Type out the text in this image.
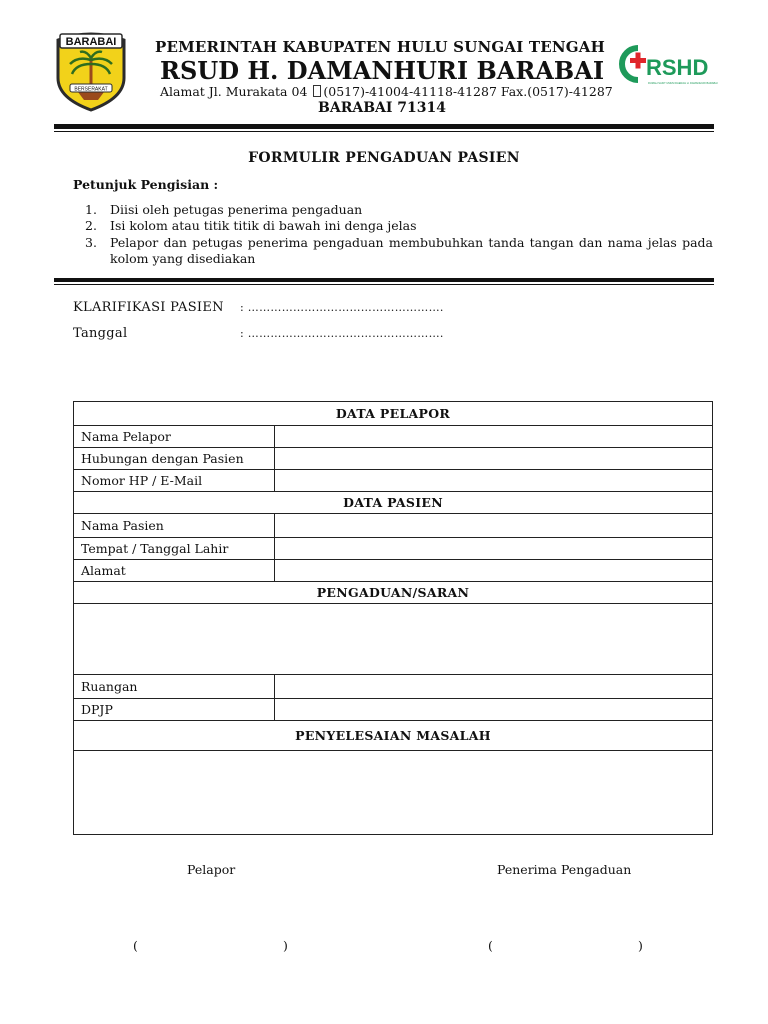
BARABAI
BERSERAKAT
PEMERINTAH KABUPATEN HULU SUNGAI TENGAH
RSUD H. DAMANHURI BARABAI
Alamat Jl. Murakata 04 (0517)-41004-41118-41287 Fax.(0517)-41287
BARABAI 71314
RSHD
RUMAH SAKIT UMUM DAERAH H. DAMANHURI BARABAI
FORMULIR PENGADUAN PASIEN
Petunjuk Pengisian :
1. Diisi oleh petugas penerima pengaduan
2. Isi kolom atau titik titik di bawah ini denga jelas
3. Pelapor dan petugas penerima pengaduan membubuhkan tanda tangan dan nama jelas pada kolom yang disediakan
KLARIFIKASI PASIEN : …………………………………………….
Tanggal	: …………………………………………….
DATA PELAPOR	
Nama Pelapor	
Hubungan dengan Pasien	
Nomor HP / E-Mail	
DATA PASIEN	
Nama Pasien	
Tempat / Tanggal Lahir	
Alamat	
PENGADUAN/SARAN	

Ruangan	
DPJP	
PENYELESAIAN MASALAH	

Pelapor	Penerima Pengaduan
(	)	(	)
